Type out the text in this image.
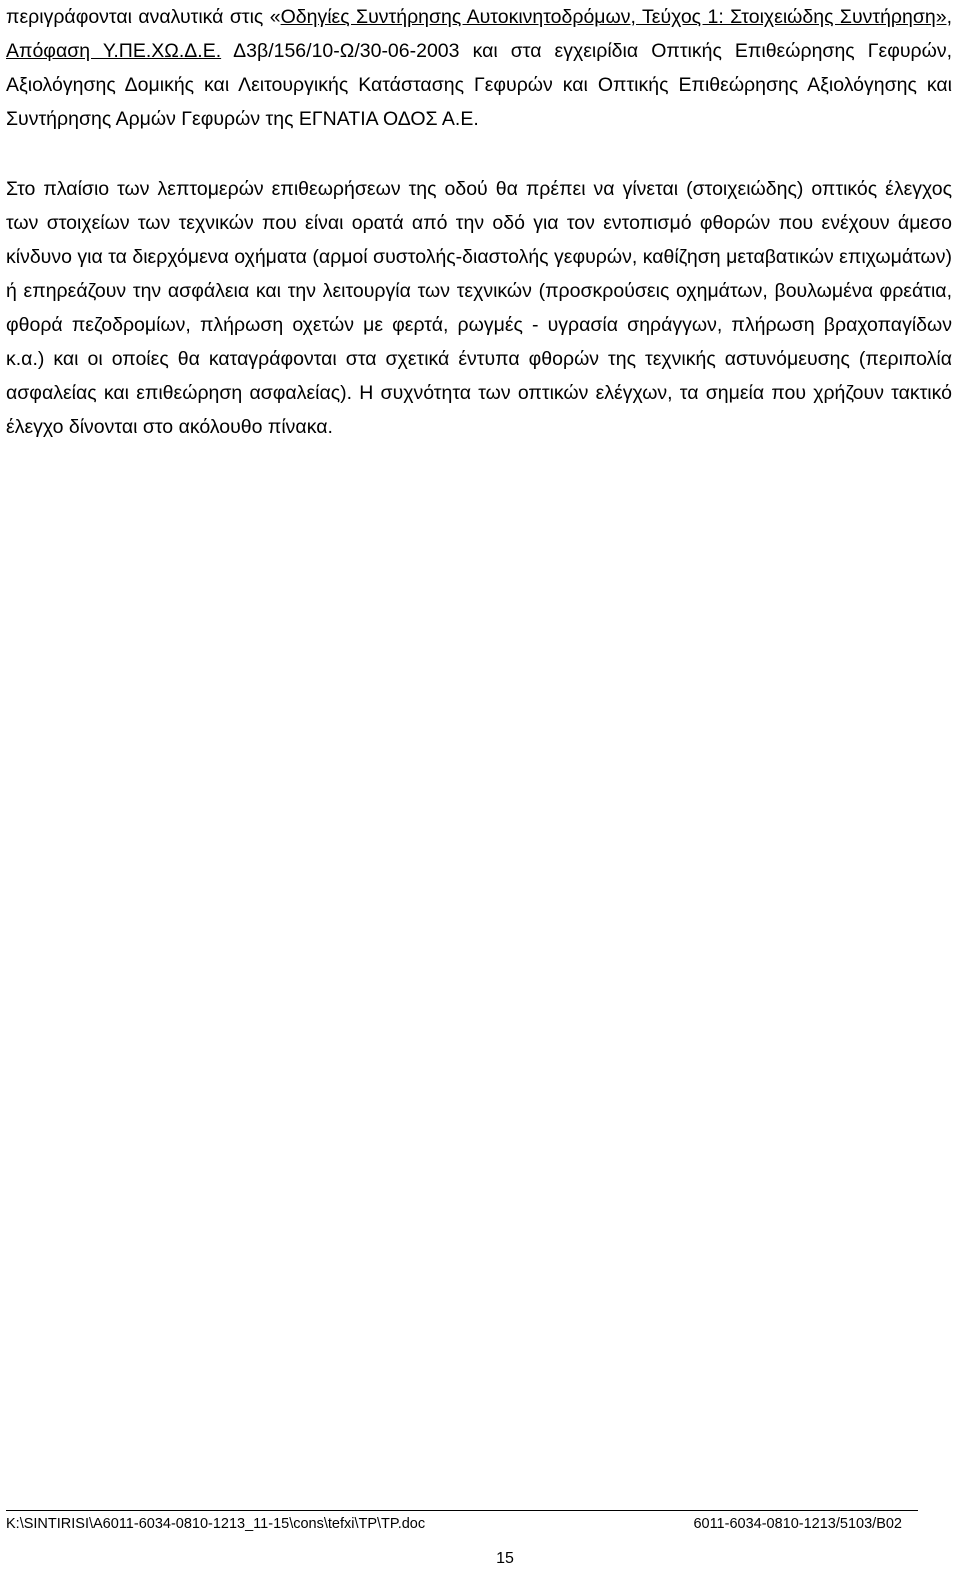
περιγράφονται αναλυτικά στις «Οδηγίες Συντήρησης Αυτοκινητοδρόμων, Τεύχος 1: Στοιχειώδης Συντήρηση», Απόφαση Υ.ΠΕ.ΧΩ.Δ.Ε. Δ3β/156/10-Ω/30-06-2003 και στα εγχειρίδια Οπτικής Επιθεώρησης Γεφυρών, Αξιολόγησης Δομικής και Λειτουργικής Κατάστασης Γεφυρών και Οπτικής Επιθεώρησης Αξιολόγησης και Συντήρησης Αρμών Γεφυρών της ΕΓΝΑΤΙΑ ΟΔΟΣ Α.Ε.

Στο πλαίσιο των λεπτομερών επιθεωρήσεων της οδού θα πρέπει να γίνεται (στοιχειώδης) οπτικός έλεγχος των στοιχείων των τεχνικών που είναι ορατά από την οδό για τον εντοπισμό φθορών που ενέχουν άμεσο κίνδυνο για τα διερχόμενα οχήματα (αρμοί συστολής-διαστολής γεφυρών, καθίζηση μεταβατικών επιχωμάτων) ή επηρεάζουν την ασφάλεια και την λειτουργία των τεχνικών (προσκρούσεις οχημάτων, βουλωμένα φρεάτια, φθορά πεζοδρομίων, πλήρωση οχετών με φερτά, ρωγμές - υγρασία σηράγγων, πλήρωση βραχοπαγίδων κ.α.) και οι οποίες θα καταγράφονται στα σχετικά έντυπα φθορών της τεχνικής αστυνόμευσης (περιπολία ασφαλείας και επιθεώρηση ασφαλείας). Η συχνότητα των οπτικών ελέγχων, τα σημεία που χρήζουν τακτικό έλεγχο δίνονται στο ακόλουθο πίνακα.

K:\SINTIRISI\A6011-6034-0810-1213_11-15\cons\tefxi\TP\TP.doc	6011-6034-0810-1213/5103/B02
15
